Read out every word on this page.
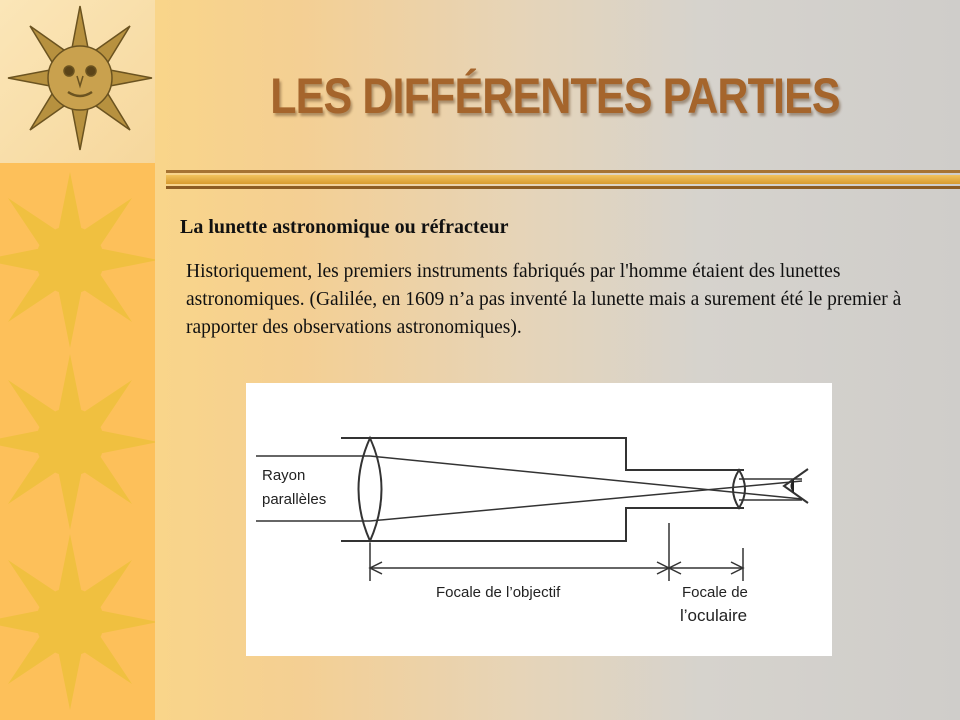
LES DIFFÉRENTES PARTIES

La lunette astronomique ou réfracteur

Historiquement, les premiers instruments fabriqués par l'homme étaient des lunettes astronomiques. (Galilée, en 1609 n’a pas inventé la lunette mais a surement été le premier à rapporter des observations astronomiques).

Rayon
parallèles
Focale de l’objectif	Focale de
l’oculaire
